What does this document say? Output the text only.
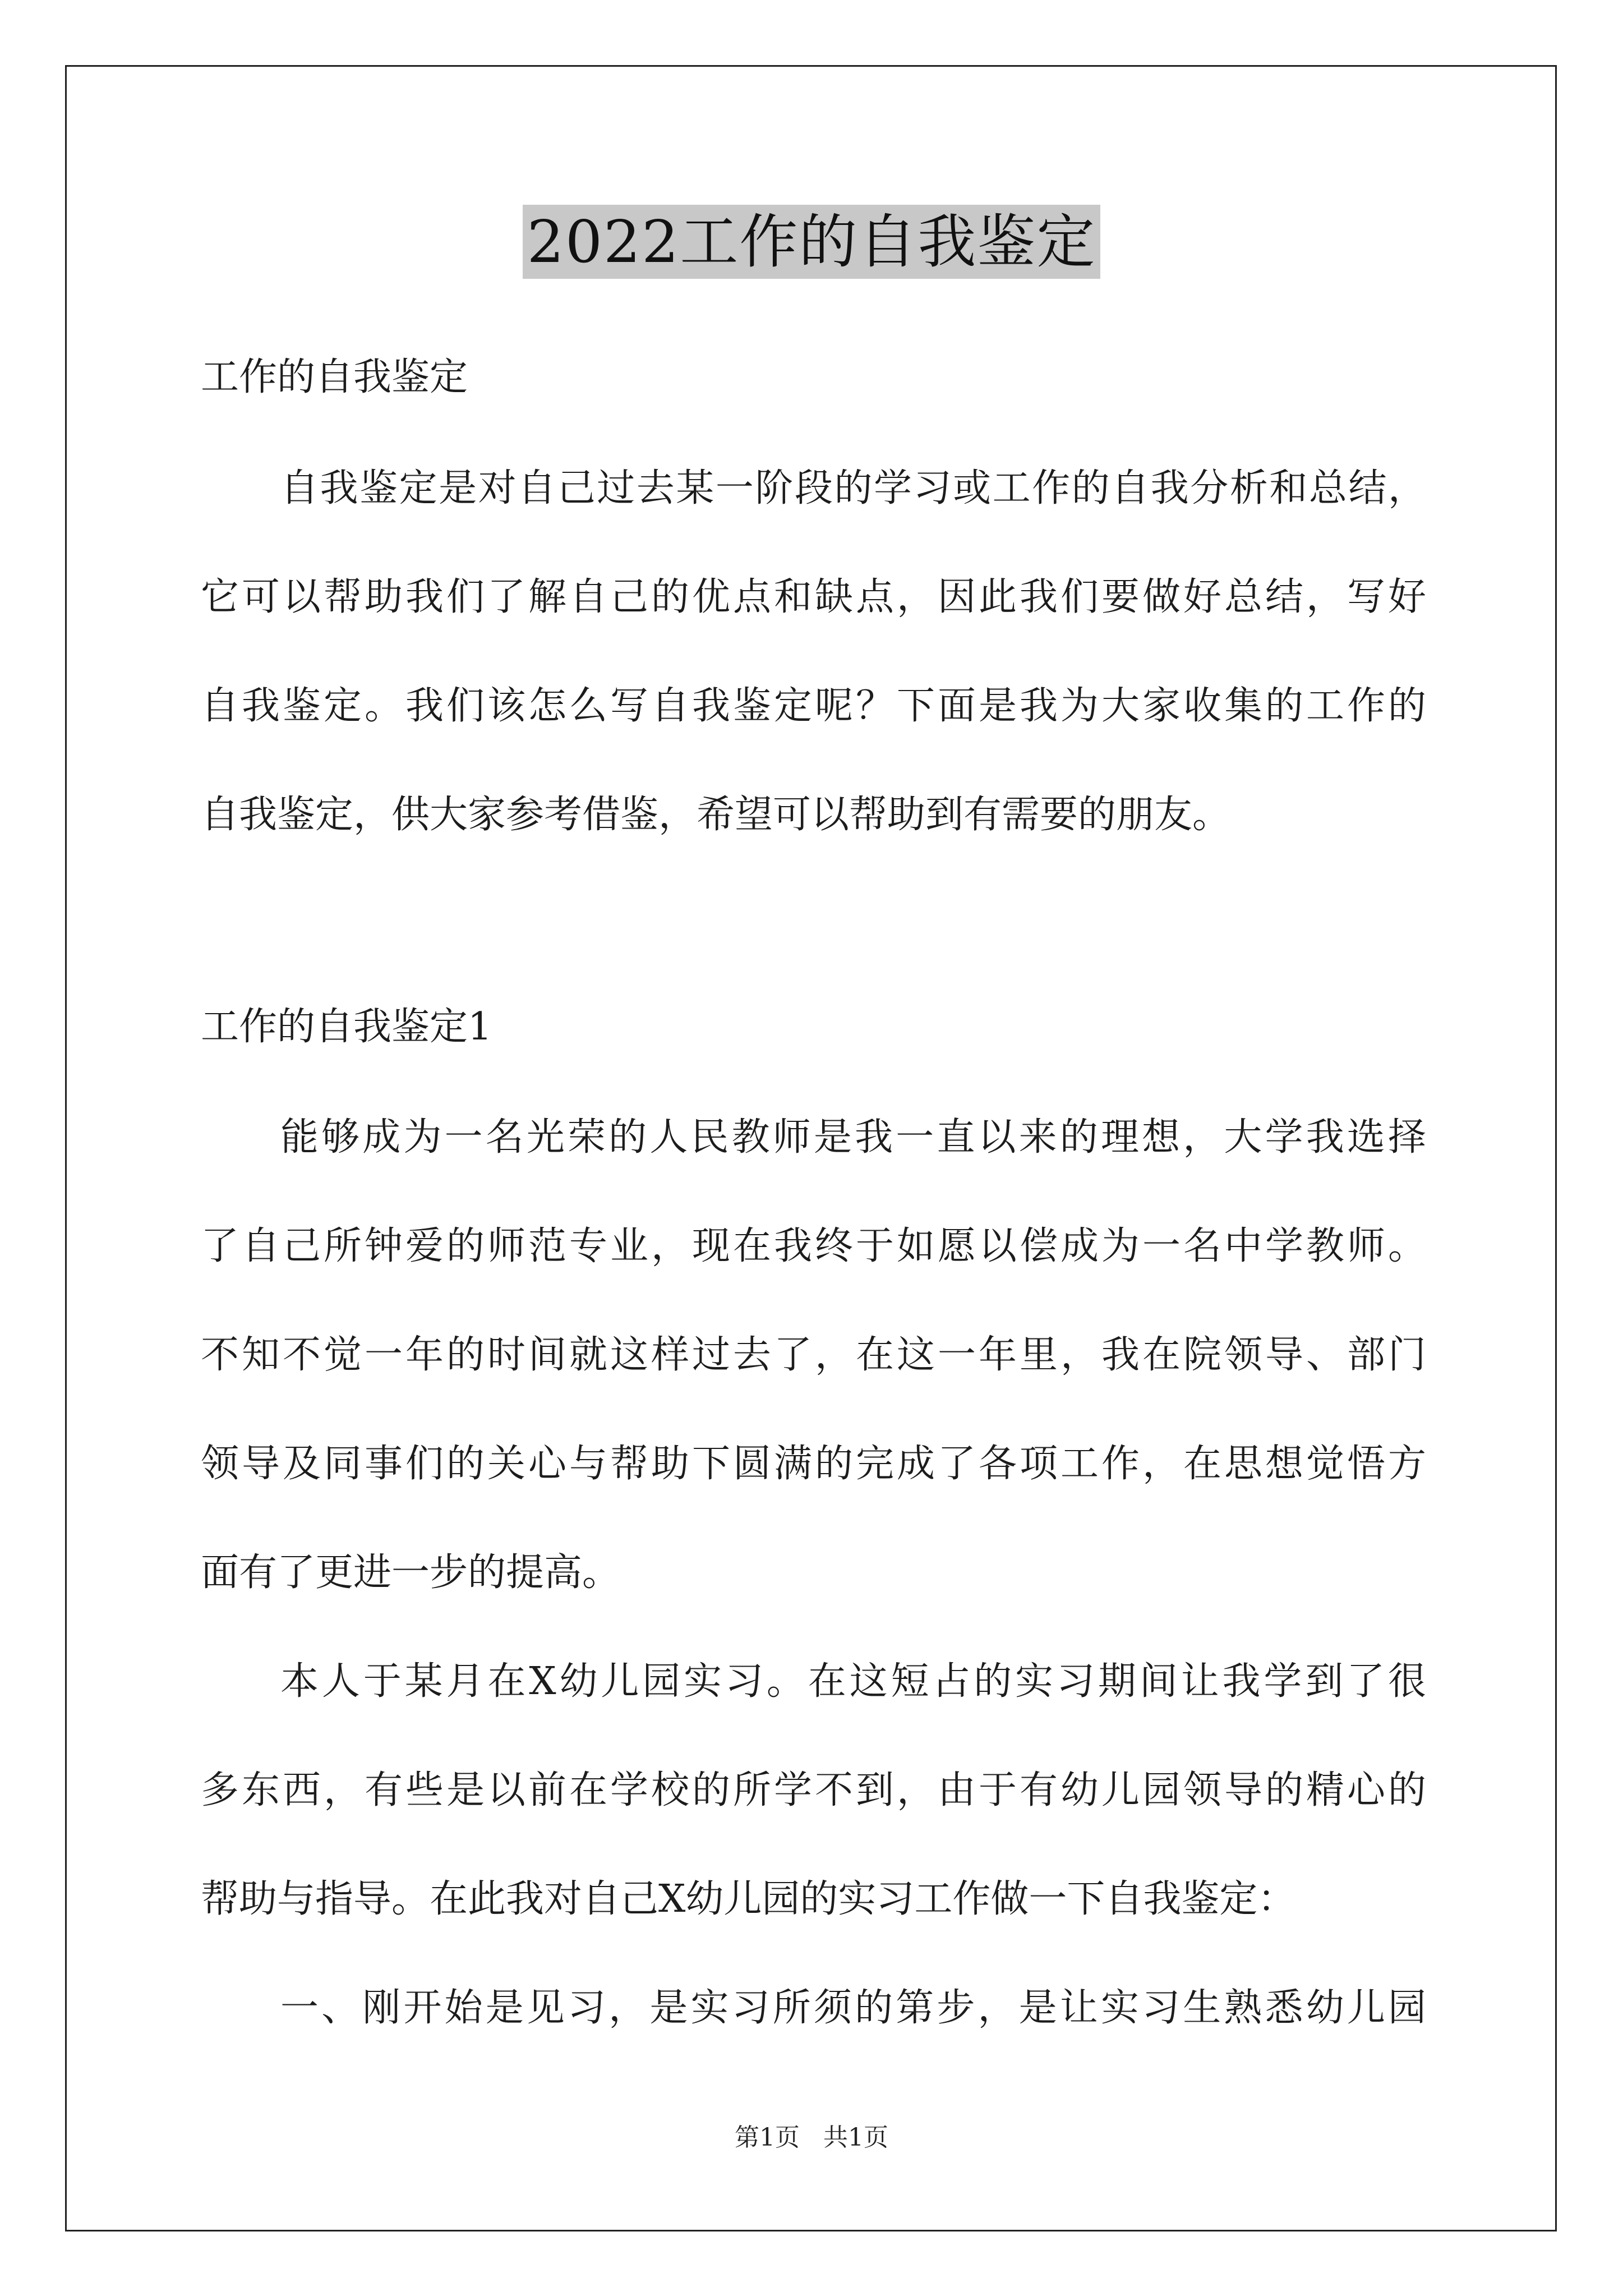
2022工作的自我鉴定
工作的自我鉴定
自我鉴定是对自己过去某一阶段的学习或工作的自我分析和总结，
它可以帮助我们了解自己的优点和缺点，因此我们要做好总结，写好
自我鉴定。我们该怎么写自我鉴定呢？下面是我为大家收集的工作的
自我鉴定，供大家参考借鉴，希望可以帮助到有需要的朋友。
工作的自我鉴定1
能够成为一名光荣的人民教师是我一直以来的理想，大学我选择
了自己所钟爱的师范专业，现在我终于如愿以偿成为一名中学教师。
不知不觉一年的时间就这样过去了，在这一年里，我在院领导、部门
领导及同事们的关心与帮助下圆满的完成了各项工作，在思想觉悟方
面有了更进一步的提高。
本人于某月在X幼儿园实习。在这短占的实习期间让我学到了很
多东西，有些是以前在学校的所学不到，由于有幼儿园领导的精心的
帮助与指导。在此我对自己X幼儿园的实习工作做一下自我鉴定：
一、刚开始是见习，是实习所须的第步，是让实习生熟悉幼儿园
第1页 共1页
